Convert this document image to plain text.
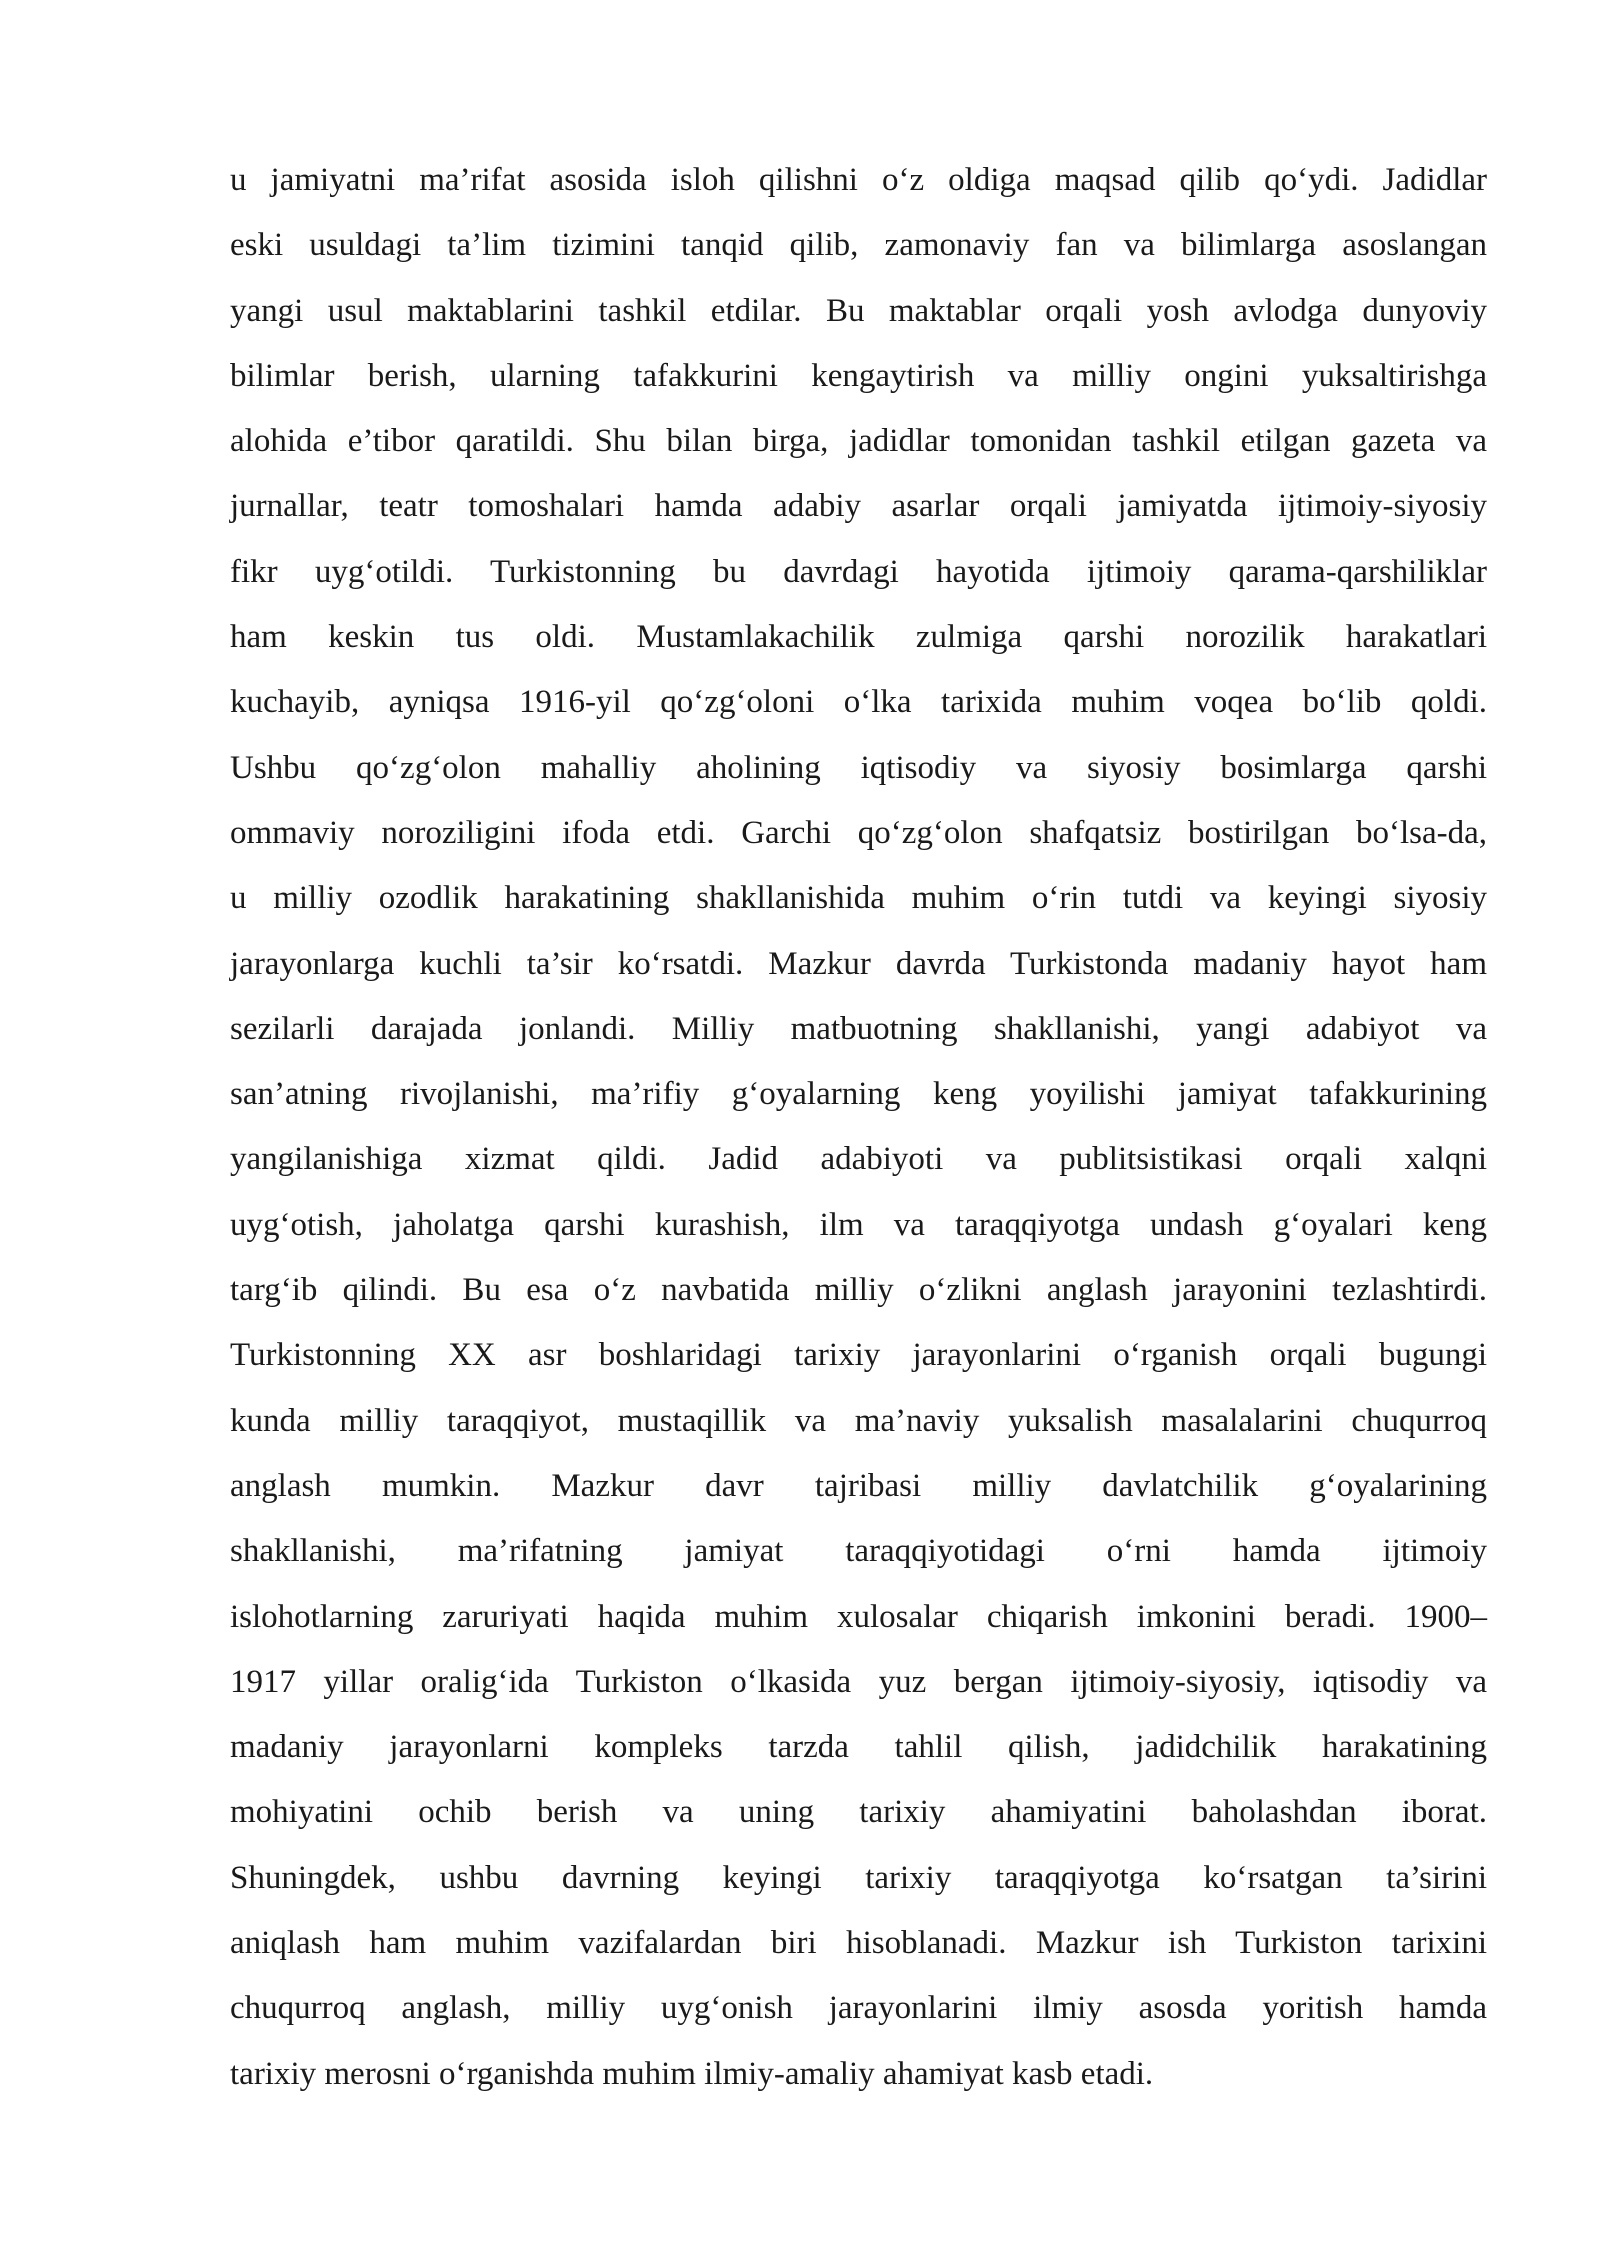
u jamiyatni ma’rifat asosida isloh qilishni o‘z oldiga maqsad qilib qo‘ydi. Jadidlar
eski usuldagi ta’lim tizimini tanqid qilib, zamonaviy fan va bilimlarga asoslangan
yangi usul maktablarini tashkil etdilar. Bu maktablar orqali yosh avlodga dunyoviy
bilimlar berish, ularning tafakkurini kengaytirish va milliy ongini yuksaltirishga
alohida e’tibor qaratildi. Shu bilan birga, jadidlar tomonidan tashkil etilgan gazeta va
jurnallar, teatr tomoshalari hamda adabiy asarlar orqali jamiyatda ijtimoiy-siyosiy
fikr uyg‘otildi. Turkistonning bu davrdagi hayotida ijtimoiy qarama-qarshiliklar
ham keskin tus oldi. Mustamlakachilik zulmiga qarshi norozilik harakatlari
kuchayib, ayniqsa 1916-yil qo‘zg‘oloni o‘lka tarixida muhim voqea bo‘lib qoldi.
Ushbu qo‘zg‘olon mahalliy aholining iqtisodiy va siyosiy bosimlarga qarshi
ommaviy noroziligini ifoda etdi. Garchi qo‘zg‘olon shafqatsiz bostirilgan bo‘lsa-da,
u milliy ozodlik harakatining shakllanishida muhim o‘rin tutdi va keyingi siyosiy
jarayonlarga kuchli ta’sir ko‘rsatdi. Mazkur davrda Turkistonda madaniy hayot ham
sezilarli darajada jonlandi. Milliy matbuotning shakllanishi, yangi adabiyot va
san’atning rivojlanishi, ma’rifiy g‘oyalarning keng yoyilishi jamiyat tafakkurining
yangilanishiga xizmat qildi. Jadid adabiyoti va publitsistikasi orqali xalqni
uyg‘otish, jaholatga qarshi kurashish, ilm va taraqqiyotga undash g‘oyalari keng
targ‘ib qilindi. Bu esa o‘z navbatida milliy o‘zlikni anglash jarayonini tezlashtirdi.
Turkistonning XX asr boshlaridagi tarixiy jarayonlarini o‘rganish orqali bugungi
kunda milliy taraqqiyot, mustaqillik va ma’naviy yuksalish masalalarini chuqurroq
anglash mumkin. Mazkur davr tajribasi milliy davlatchilik g‘oyalarining
shakllanishi, ma’rifatning jamiyat taraqqiyotidagi o‘rni hamda ijtimoiy
islohotlarning zaruriyati haqida muhim xulosalar chiqarish imkonini beradi. 1900–
1917 yillar oralig‘ida Turkiston o‘lkasida yuz bergan ijtimoiy-siyosiy, iqtisodiy va
madaniy jarayonlarni kompleks tarzda tahlil qilish, jadidchilik harakatining
mohiyatini ochib berish va uning tarixiy ahamiyatini baholashdan iborat.
Shuningdek, ushbu davrning keyingi tarixiy taraqqiyotga ko‘rsatgan ta’sirini
aniqlash ham muhim vazifalardan biri hisoblanadi. Mazkur ish Turkiston tarixini
chuqurroq anglash, milliy uyg‘onish jarayonlarini ilmiy asosda yoritish hamda
tarixiy merosni o‘rganishda muhim ilmiy-amaliy ahamiyat kasb etadi.
